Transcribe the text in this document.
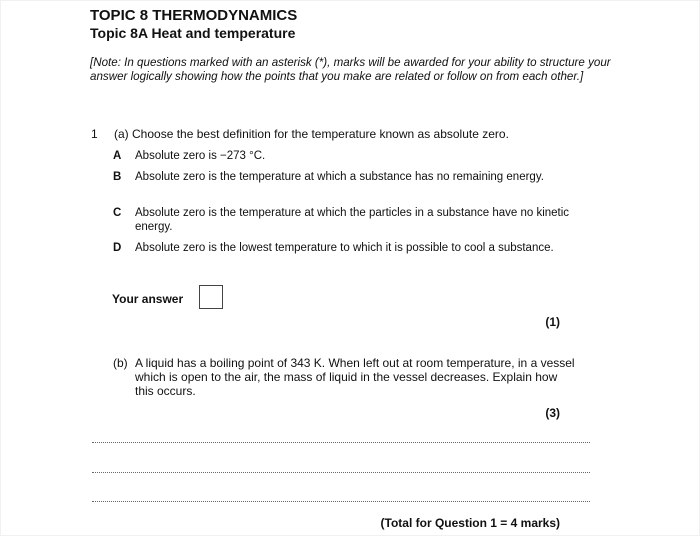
TOPIC 8 THERMODYNAMICS
Topic 8A Heat and temperature
[Note: In questions marked with an asterisk (*), marks will be awarded for your ability to structure your answer logically showing how the points that you make are related or follow on from each other.]
1 (a) Choose the best definition for the temperature known as absolute zero.
A Absolute zero is −273 °C.
B Absolute zero is the temperature at which a substance has no remaining energy.
C Absolute zero is the temperature at which the particles in a substance have no kinetic energy.
D Absolute zero is the lowest temperature to which it is possible to cool a substance.
Your answer
(1)
(b) A liquid has a boiling point of 343 K. When left out at room temperature, in a vessel which is open to the air, the mass of liquid in the vessel decreases. Explain how this occurs.
(3)
(Total for Question 1 = 4 marks)
